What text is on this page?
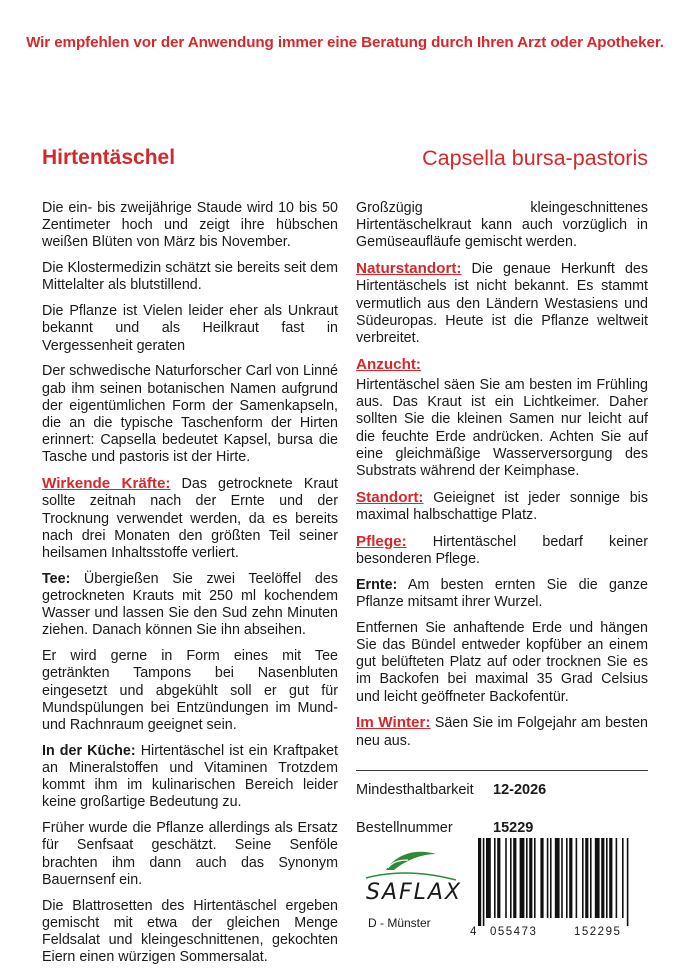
Wir empfehlen vor der Anwendung immer eine Beratung durch Ihren Arzt oder Apotheker.
Hirtentäschel	Capsella bursa-pastoris

Die ein- bis zweijährige Staude wird 10 bis 50 Zentimeter hoch und zeigt ihre hübschen weißen Blüten von März bis November.

Die Klostermedizin schätzt sie bereits seit dem Mittelalter als blutstillend.

Die Pflanze ist Vielen leider eher als Unkraut bekannt und als Heilkraut fast in Vergessenheit geraten

Der schwedische Naturforscher Carl von Linné gab ihm seinen botanischen Namen aufgrund der eigentümlichen Form der Samenkapseln, die an die typische Taschenform der Hirten erinnert: Capsella bedeutet Kapsel, bursa die Tasche und pastoris ist der Hirte.

Wirkende Kräfte: Das getrocknete Kraut sollte zeitnah nach der Ernte und der Trocknung verwendet werden, da es bereits nach drei Monaten den größten Teil seiner heilsamen Inhaltsstoffe verliert.

Tee: Übergießen Sie zwei Teelöffel des getrockneten Krauts mit 250 ml kochendem Wasser und lassen Sie den Sud zehn Minuten ziehen. Danach können Sie ihn abseihen.

Er wird gerne in Form eines mit Tee getränkten Tampons bei Nasenbluten eingesetzt und abgekühlt soll er gut für Mundspülungen bei Entzündungen im Mund- und Rachnraum geeignet sein.

In der Küche: Hirtentäschel ist ein Kraftpaket an Mineralstoffen und Vitaminen Trotzdem kommt ihm im kulinarischen Bereich leider keine großartige Bedeutung zu.

Früher wurde die Pflanze allerdings als Ersatz für Senfsaat geschätzt. Seine Senföle brachten ihm dann auch das Synonym Bauernsenf ein.

Die Blattrosetten des Hirtentäschel ergeben gemischt mit etwa der gleichen Menge Feldsalat und kleingeschnittenen, gekochten Eiern einen würzigen Sommersalat.

Großzügig kleingeschnittenes Hirtentäschelkraut kann auch vorzüglich in Gemüseaufläufe gemischt werden.

Naturstandort: Die genaue Herkunft des Hirtentäschels ist nicht bekannt. Es stammt vermutlich aus den Ländern Westasiens und Südeuropas. Heute ist die Pflanze weltweit verbreitet.

Anzucht:

Hirtentäschel säen Sie am besten im Frühling aus. Das Kraut ist ein Lichtkeimer. Daher sollten Sie die kleinen Samen nur leicht auf die feuchte Erde andrücken. Achten Sie auf eine gleichmäßige Wasserversorgung des Substrats während der Keimphase.

Standort: Geieignet ist jeder sonnige bis maximal halbschattige Platz.

Pflege: Hirtentäschel bedarf keiner besonderen Pflege.

Ernte: Am besten ernten Sie die ganze Pflanze mitsamt ihrer Wurzel.

Entfernen Sie anhaftende Erde und hängen Sie das Bündel entweder kopfüber an einem gut belüfteten Platz auf oder trocknen Sie es im Backofen bei maximal 35 Grad Celsius und leicht geöffneter Backofentür.

Im Winter: Säen Sie im Folgejahr am besten neu aus.

Mindesthaltbarkeit	12-2026
Bestellnummer	15229
SAFLAX
D - Münster
4 055473	152295
